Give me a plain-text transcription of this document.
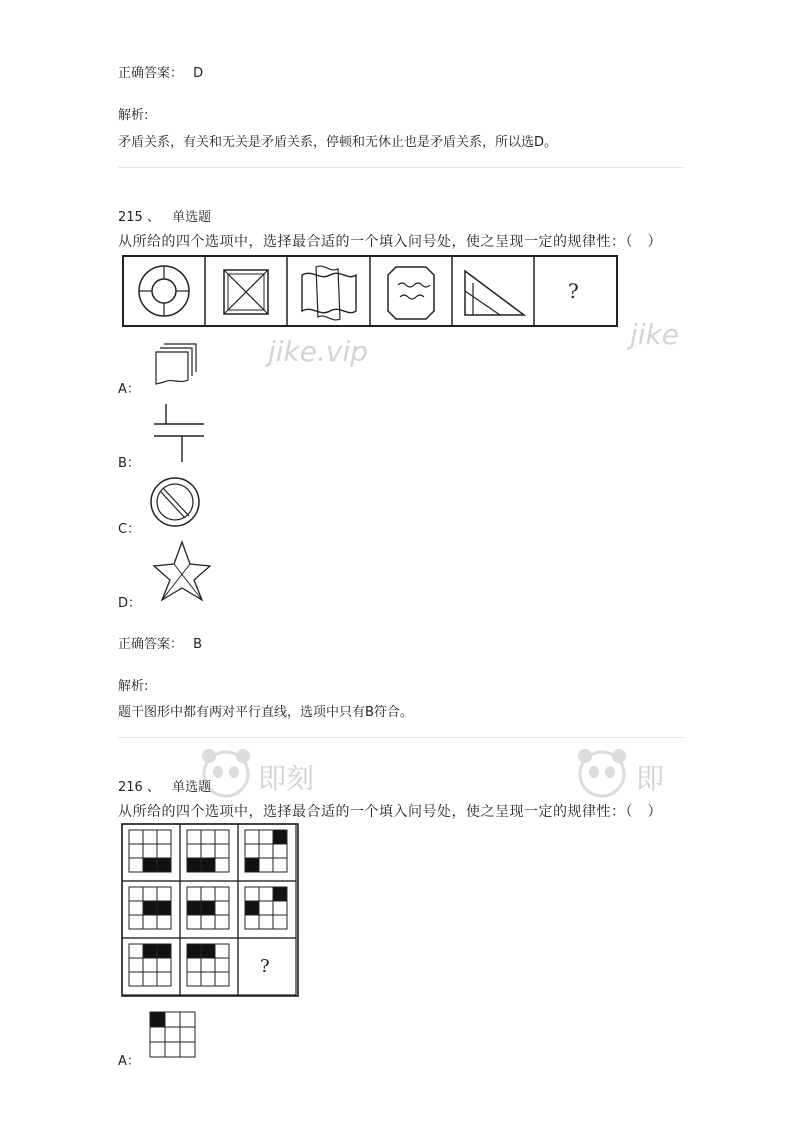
jike.vip
jike
即刻	即
正确答案： D
解析:
矛盾关系，有关和无关是矛盾关系，停顿和无休止也是矛盾关系，所以选D。
215 、 单选题
从所给的四个选项中，选择最合适的一个填入问号处，使之呈现一定的规律性：（　）
?
A：
B：
C：
D：
正确答案： B
解析:
题干图形中都有两对平行直线，选项中只有B符合。
216 、 单选题
从所给的四个选项中，选择最合适的一个填入问号处，使之呈现一定的规律性：（　）
?
A：
